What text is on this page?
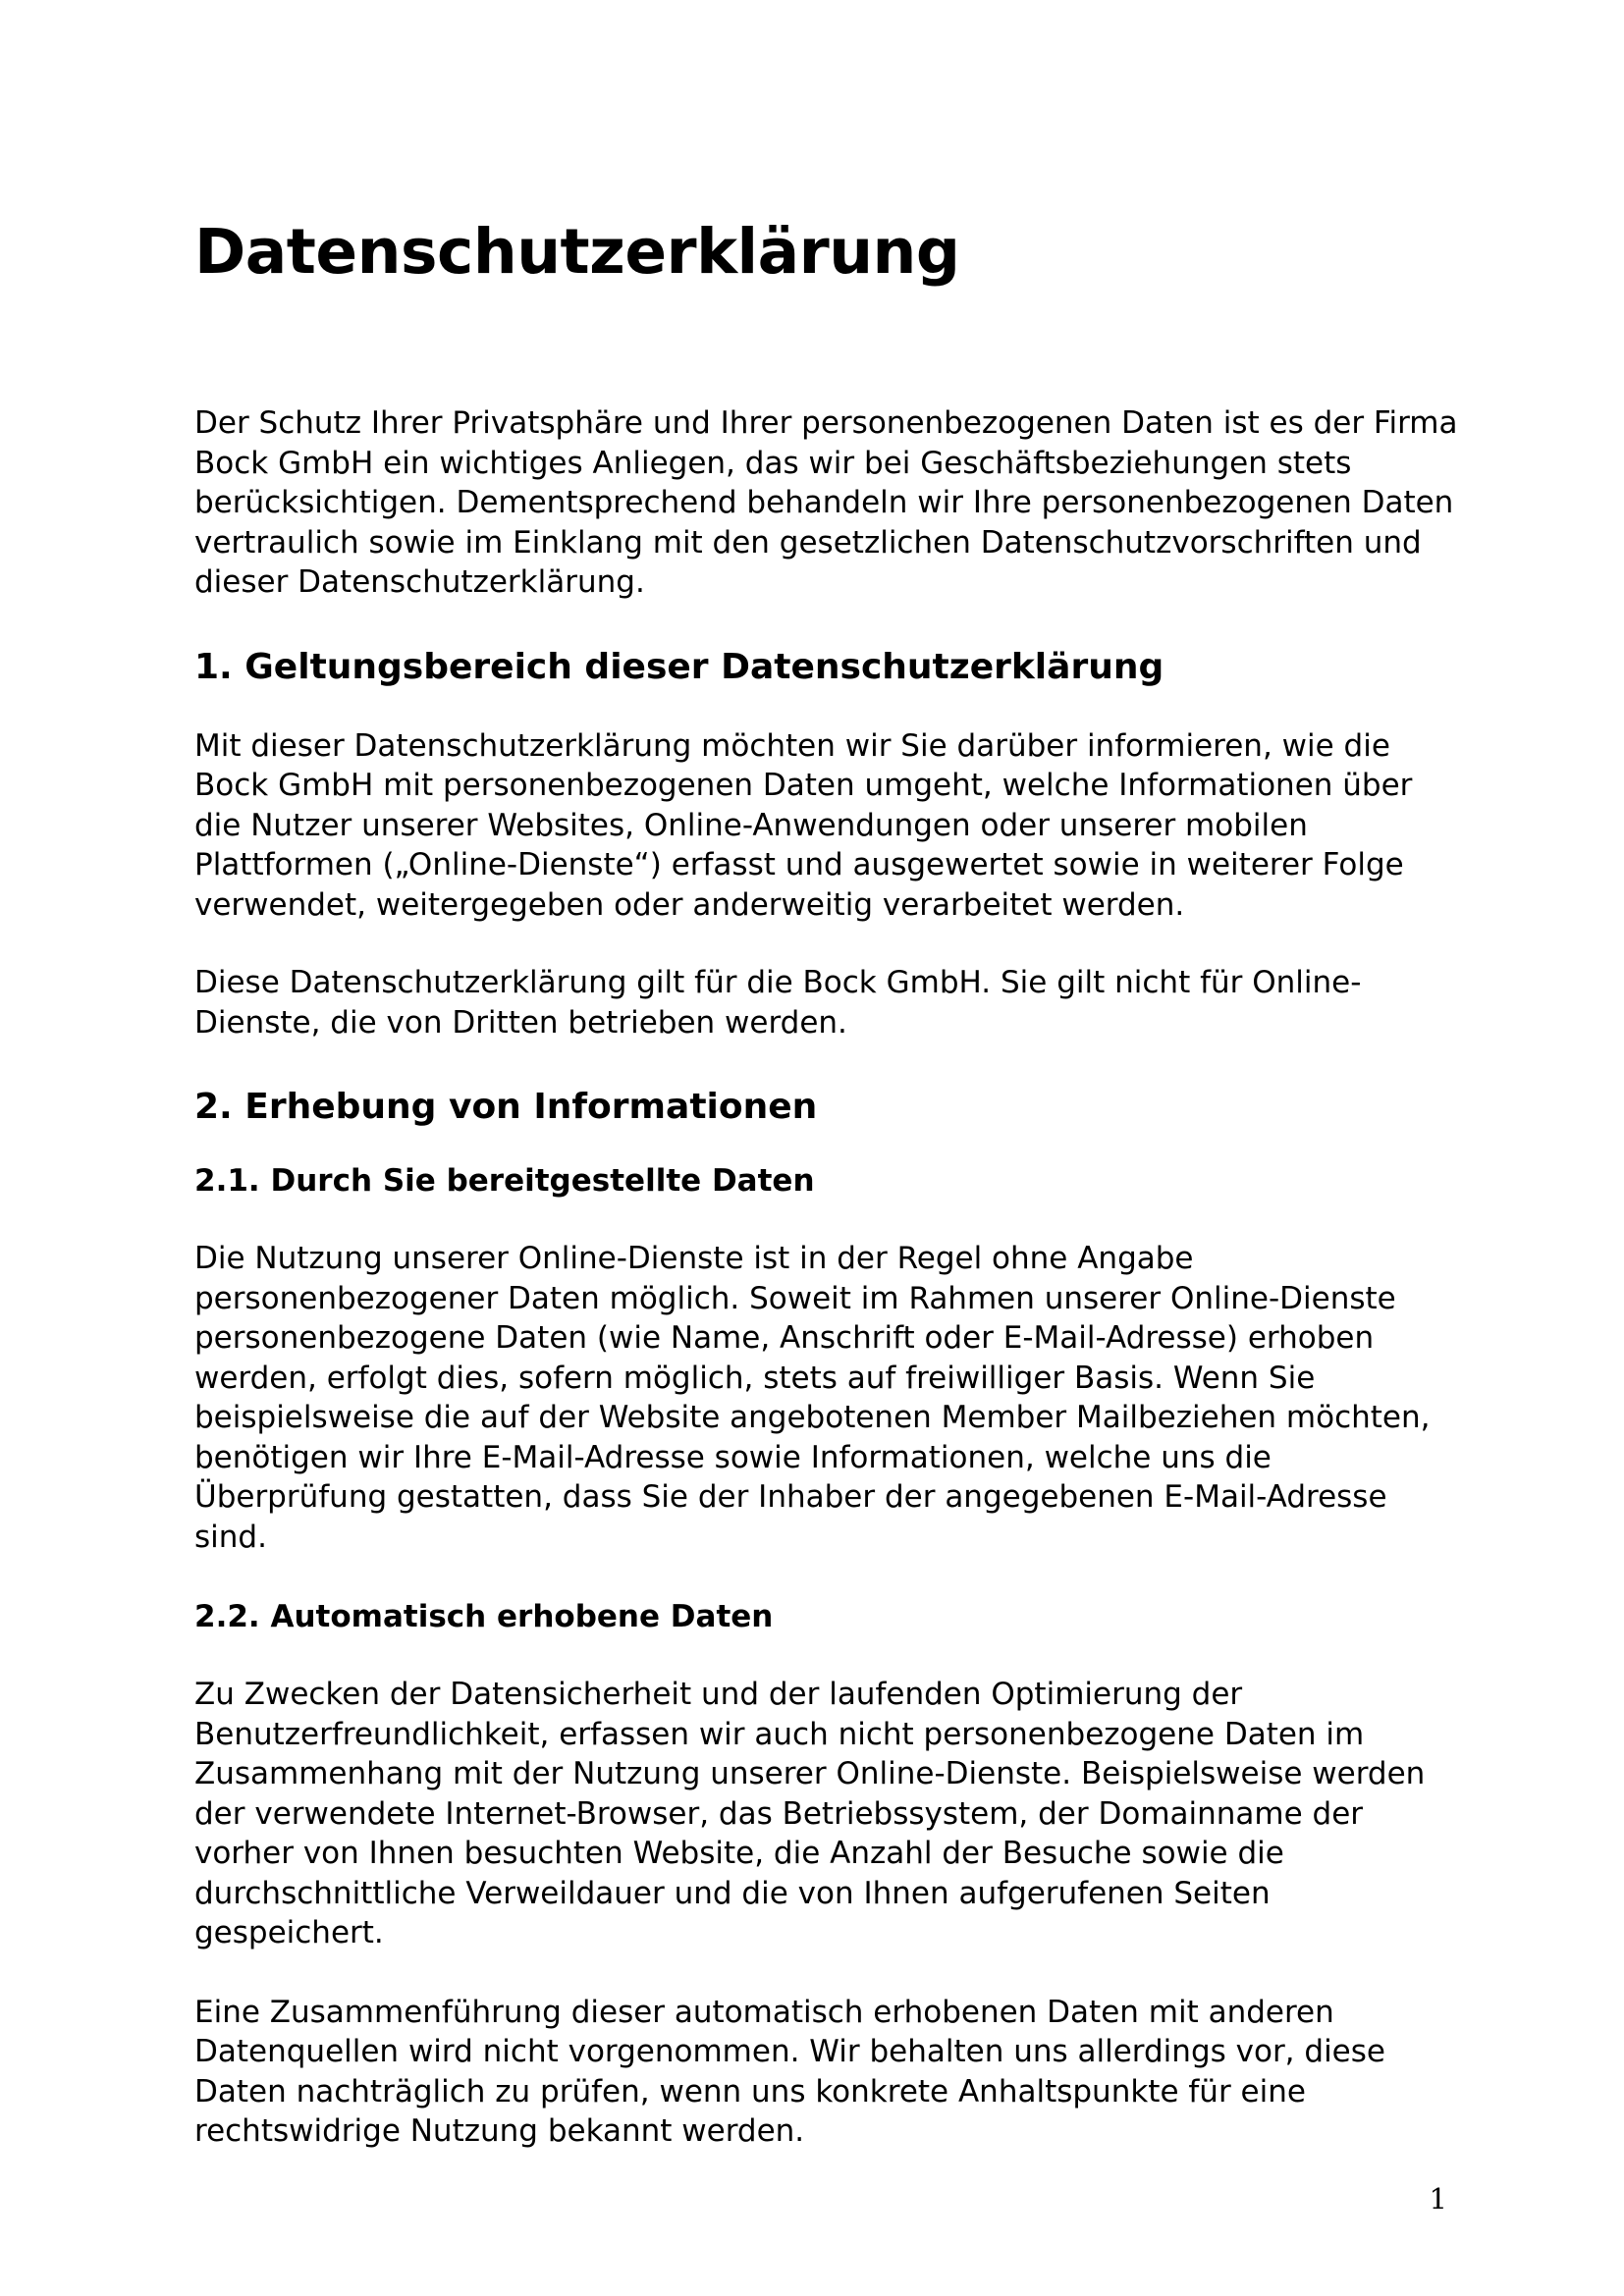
Datenschutzerklärung

Der Schutz Ihrer Privatsphäre und Ihrer personenbezogenen Daten ist es der Firma Bock GmbH ein wichtiges Anliegen, das wir bei Geschäftsbeziehungen stets berücksichtigen. Dementsprechend behandeln wir Ihre personenbezogenen Daten vertraulich sowie im Einklang mit den gesetzlichen Datenschutzvorschriften und dieser Datenschutzerklärung.

1. Geltungsbereich dieser Datenschutzerklärung

Mit dieser Datenschutzerklärung möchten wir Sie darüber informieren, wie die Bock GmbH mit personenbezogenen Daten umgeht, welche Informationen über die Nutzer unserer Websites, Online-Anwendungen oder unserer mobilen Plattformen („Online-Dienste“) erfasst und ausgewertet sowie in weiterer Folge verwendet, weitergegeben oder anderweitig verarbeitet werden.

Diese Datenschutzerklärung gilt für die Bock GmbH. Sie gilt nicht für Online-Dienste, die von Dritten betrieben werden.

2. Erhebung von Informationen
2.1. Durch Sie bereitgestellte Daten

Die Nutzung unserer Online-Dienste ist in der Regel ohne Angabe personenbezogener Daten möglich. Soweit im Rahmen unserer Online-Dienste personenbezogene Daten (wie Name, Anschrift oder E-Mail-Adresse) erhoben werden, erfolgt dies, sofern möglich, stets auf freiwilliger Basis. Wenn Sie beispielsweise die auf der Website angebotenen Member Mailbeziehen möchten, benötigen wir Ihre E-Mail-Adresse sowie Informationen, welche uns die Überprüfung gestatten, dass Sie der Inhaber der angegebenen E-Mail-Adresse sind.

2.2. Automatisch erhobene Daten

Zu Zwecken der Datensicherheit und der laufenden Optimierung der Benutzerfreundlichkeit, erfassen wir auch nicht personenbezogene Daten im Zusammenhang mit der Nutzung unserer Online-Dienste. Beispielsweise werden der verwendete Internet-Browser, das Betriebssystem, der Domainname der vorher von Ihnen besuchten Website, die Anzahl der Besuche sowie die durchschnittliche Verweildauer und die von Ihnen aufgerufenen Seiten gespeichert.

Eine Zusammenführung dieser automatisch erhobenen Daten mit anderen Datenquellen wird nicht vorgenommen. Wir behalten uns allerdings vor, diese Daten nachträglich zu prüfen, wenn uns konkrete Anhaltspunkte für eine rechtswidrige Nutzung bekannt werden.

1
